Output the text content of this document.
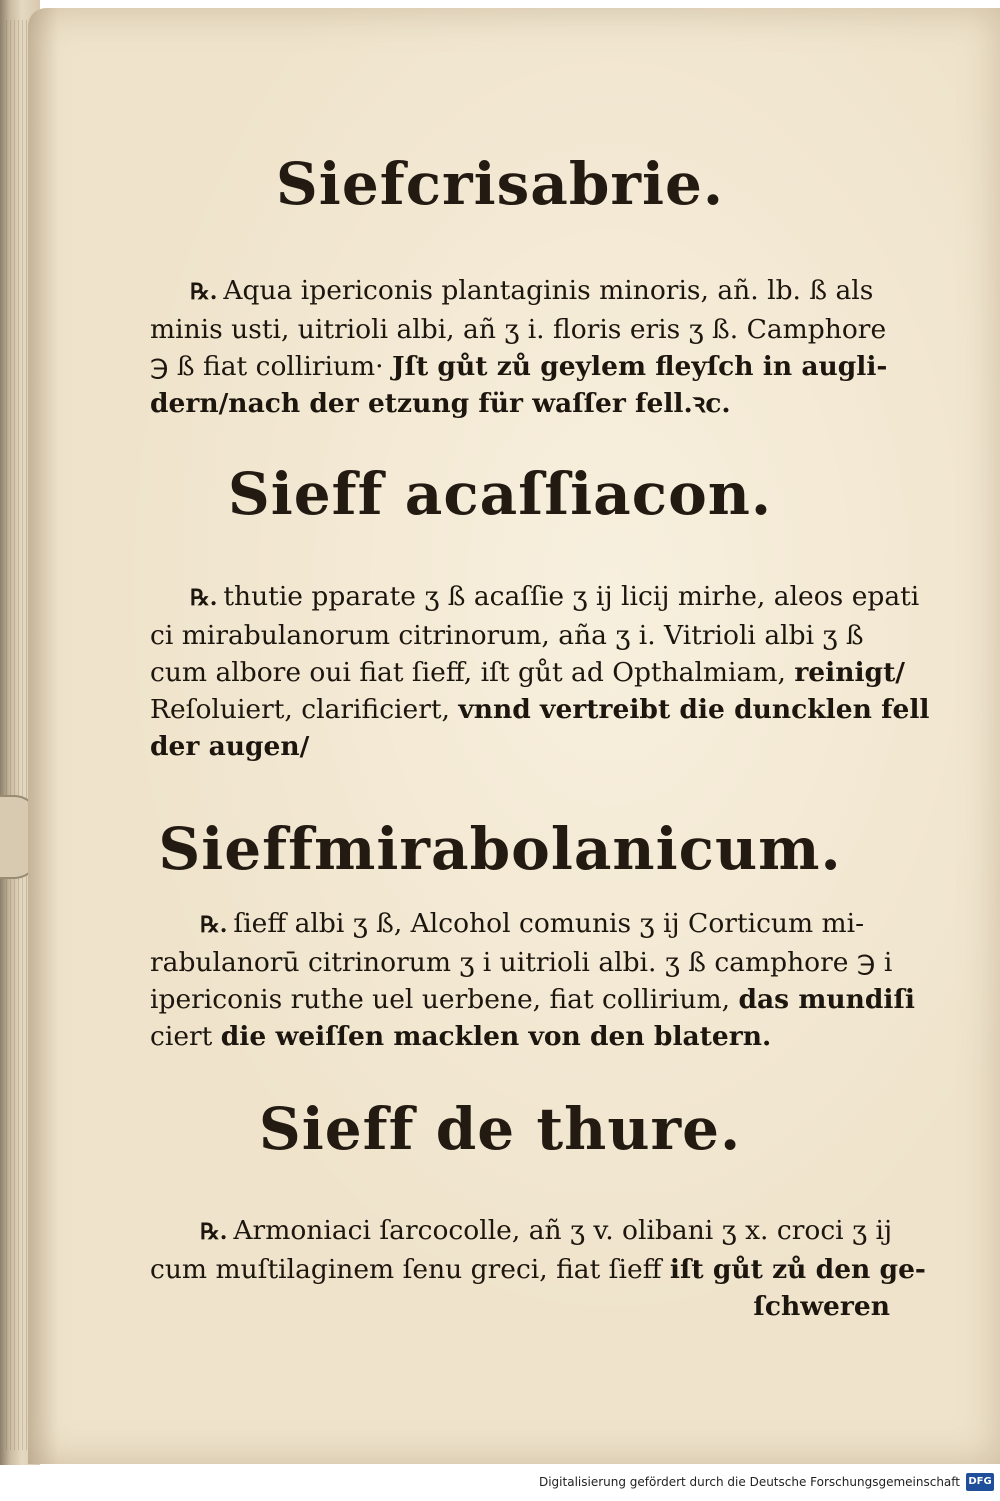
Siefcrisabrie.
℞. Aqua ipericonis plantaginis minoris, añ. lb. ß als
minis usti, uitrioli albi, añ ʒ i. floris eris ʒ ß. Camphore
℈ ß fiat collirium· Jſt gůt zů geylem fleyſch in augli-
dern/nach der etzung für waſſer fell.ꝛc.
Sieff acaſſiacon.
℞. thutie pparate ʒ ß acaſſie ʒ ij licij mirhe, aleos epati
ci mirabulanorum citrinorum, aña ʒ i. Vitrioli albi ʒ ß
cum albore oui fiat ſieff, iſt gůt ad Opthalmiam, reinigt/
Reſoluiert, clarificiert, vnnd vertreibt die duncklen fell
der augen/
Sieffmirabolanicum.
℞. ſieff albi ʒ ß, Alcohol comunis ʒ ij Corticum mi-
rabulanorū citrinorum ʒ i uitrioli albi. ʒ ß camphore ℈ i
ipericonis ruthe uel uerbene, fiat collirium, das mundiſi
ciert die weiſſen macklen von den blatern.
Sieff de thure.
℞. Armoniaci ſarcocolle, añ ʒ v. olibani ʒ x. croci ʒ ij
cum muſtilaginem ſenu greci, fiat ſieff iſt gůt zů den ge-
ſchweren
Digitalisierung gefördert durch die Deutsche Forschungsgemeinschaft DFG
